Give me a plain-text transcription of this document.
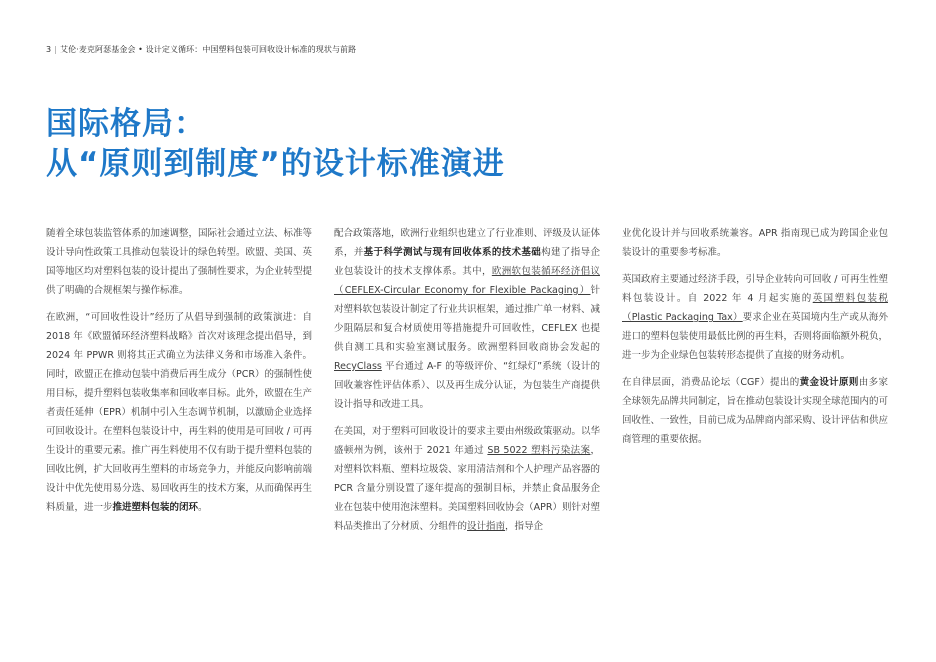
3 | 艾伦·麦克阿瑟基金会 • 设计定义循环：中国塑料包装可回收设计标准的现状与前路
国际格局：
从“原则到制度”的设计标准演进

随着全球包装监管体系的加速调整，国际社会通过立法、标准等设计导向性政策工具推动包装设计的绿色转型。欧盟、美国、英国等地区均对塑料包装的设计提出了强制性要求，为企业转型提供了明确的合规框架与操作标准。

在欧洲，“可回收性设计”经历了从倡导到强制的政策演进：自 2018 年《欧盟循环经济塑料战略》首次对该理念提出倡导，到 2024 年 PPWR 则将其正式确立为法律义务和市场准入条件。同时，欧盟正在推动包装中消费后再生成分（PCR）的强制性使用目标，提升塑料包装收集率和回收率目标。此外，欧盟在生产者责任延伸（EPR）机制中引入生态调节机制，以激励企业选择可回收设计。在塑料包装设计中，再生料的使用是可回收 / 可再生设计的重要元素。推广再生料使用不仅有助于提升塑料包装的回收比例，扩大回收再生塑料的市场竞争力，并能反向影响前端设计中优先使用易分选、易回收再生的技术方案，从而确保再生料质量，进一步推进塑料包装的闭环。

配合政策落地，欧洲行业组织也建立了行业准则、评级及认证体系，并基于科学测试与现有回收体系的技术基础构建了指导企业包装设计的技术支撑体系。其中，欧洲软包装循环经济倡议（CEFLEX-Circular Economy for Flexible Packaging）针对塑料软包装设计制定了行业共识框架，通过推广单一材料、减少阻隔层和复合材质使用等措施提升可回收性，CEFLEX 也提供自测工具和实验室测试服务。欧洲塑料回收商协会发起的 RecyClass 平台通过 A-F 的等级评价、“红绿灯”系统（设计的回收兼容性评估体系）、以及再生成分认证，为包装生产商提供设计指导和改进工具。

在美国，对于塑料可回收设计的要求主要由州级政策驱动。以华盛顿州为例，该州于 2021 年通过 SB 5022 塑料污染法案，对塑料饮料瓶、塑料垃圾袋、家用清洁剂和个人护理产品容器的 PCR 含量分别设置了逐年提高的强制目标，并禁止食品服务企业在包装中使用泡沫塑料。美国塑料回收协会（APR）则针对塑料品类推出了分材质、分组件的设计指南，指导企

业优化设计并与回收系统兼容。APR 指南现已成为跨国企业包装设计的重要参考标准。

英国政府主要通过经济手段，引导企业转向可回收 / 可再生性塑料包装设计。自 2022 年 4 月起实施的英国塑料包装税（Plastic Packaging Tax）要求企业在英国境内生产或从海外进口的塑料包装使用最低比例的再生料，否则将面临额外税负，进一步为企业绿色包装转形态提供了直接的财务动机。

在自律层面，消费品论坛（CGF）提出的黄金设计原则由多家全球领先品牌共同制定，旨在推动包装设计实现全球范围内的可回收性、一致性，目前已成为品牌商内部采购、设计评估和供应商管理的重要依据。
